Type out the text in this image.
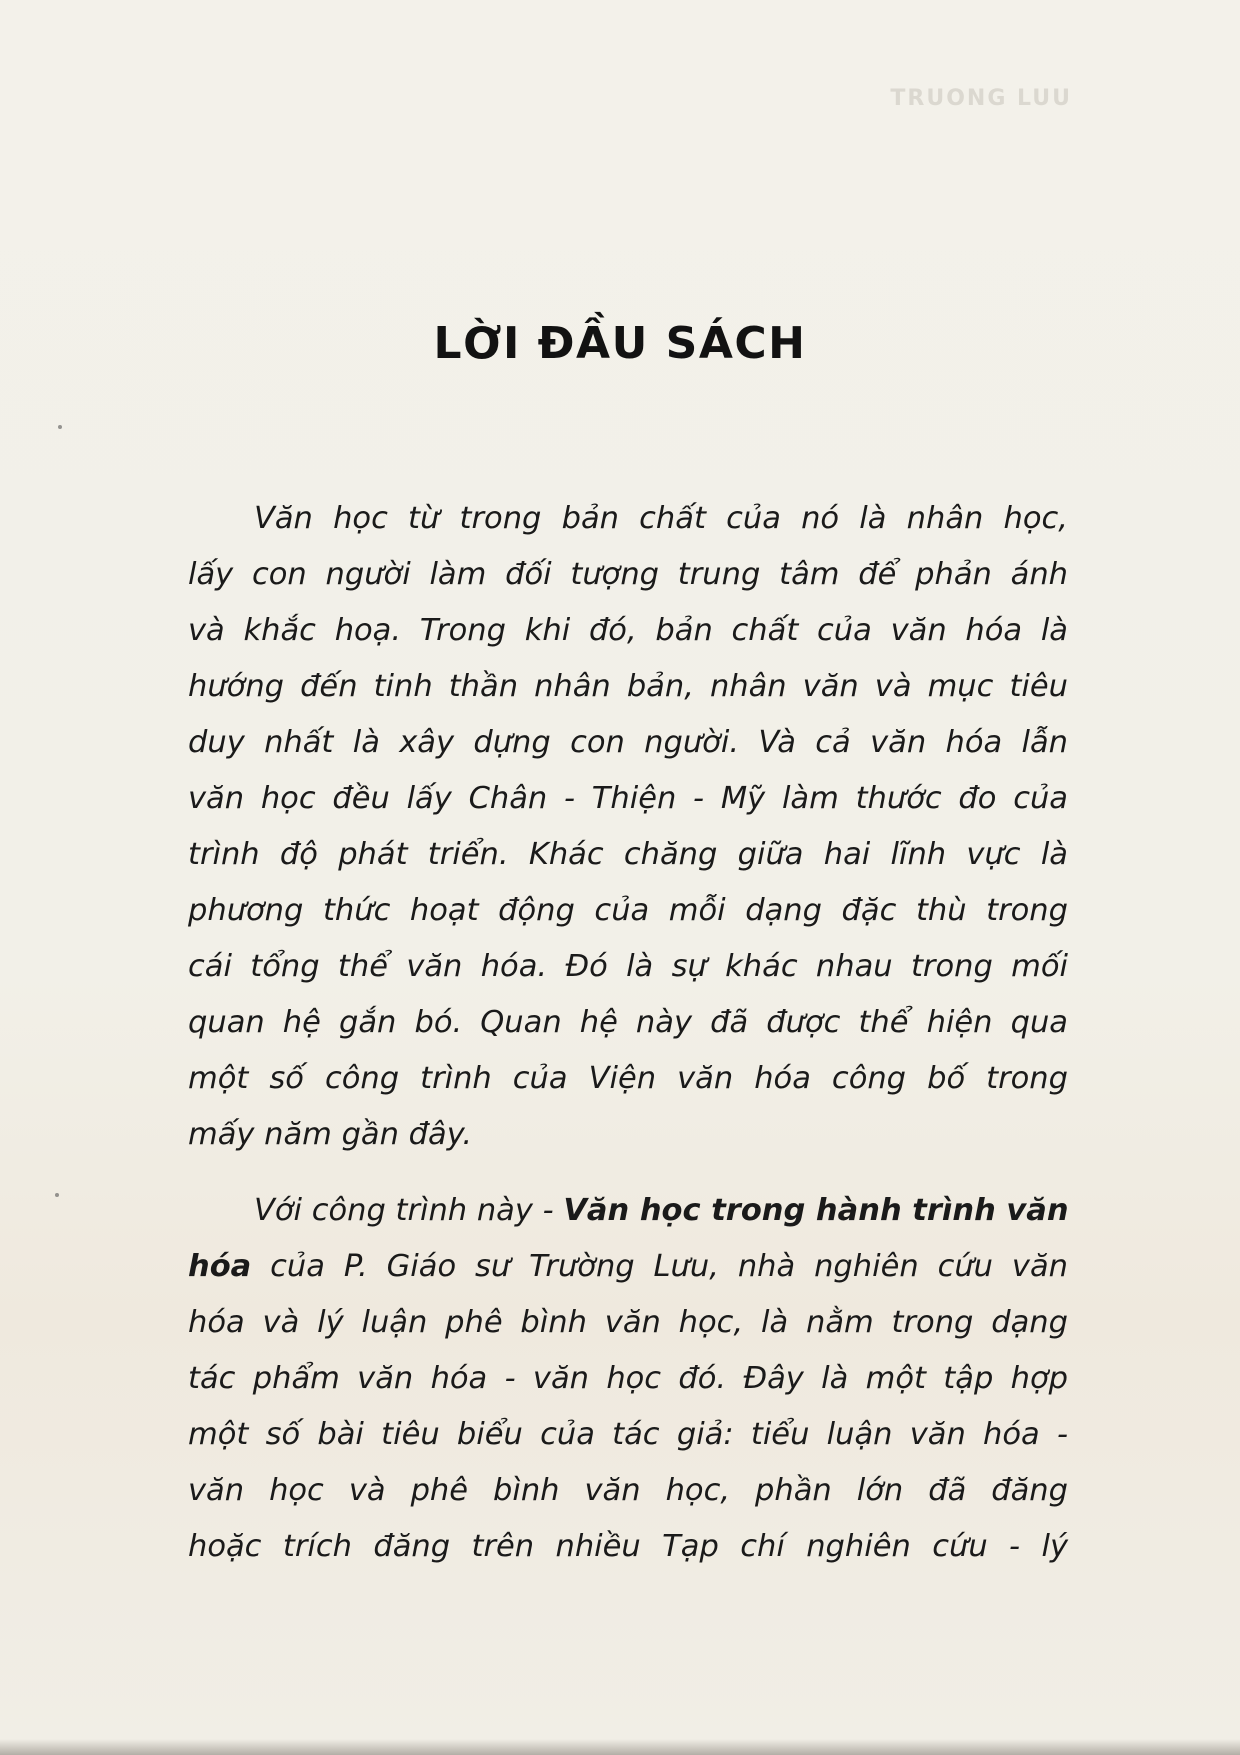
TRUONG LUU
LỜI ĐẦU SÁCH
Văn học từ trong bản chất của nó là nhân học,
lấy con người làm đối tượng trung tâm để phản ánh
và khắc hoạ. Trong khi đó, bản chất của văn hóa là
hướng đến tinh thần nhân bản, nhân văn và mục tiêu
duy nhất là xây dựng con người. Và cả văn hóa lẫn
văn học đều lấy Chân - Thiện - Mỹ làm thước đo của
trình độ phát triển. Khác chăng giữa hai lĩnh vực là
phương thức hoạt động của mỗi dạng đặc thù trong
cái tổng thể văn hóa. Đó là sự khác nhau trong mối
quan hệ gắn bó. Quan hệ này đã được thể hiện qua
một số công trình của Viện văn hóa công bố trong
mấy năm gần đây.
Với công trình này - Văn học trong hành trình văn
hóa của P. Giáo sư Trường Lưu, nhà nghiên cứu văn
hóa và lý luận phê bình văn học, là nằm trong dạng
tác phẩm văn hóa - văn học đó. Đây là một tập hợp
một số bài tiêu biểu của tác giả: tiểu luận văn hóa -
văn học và phê bình văn học, phần lớn đã đăng
hoặc trích đăng trên nhiều Tạp chí nghiên cứu - lý
